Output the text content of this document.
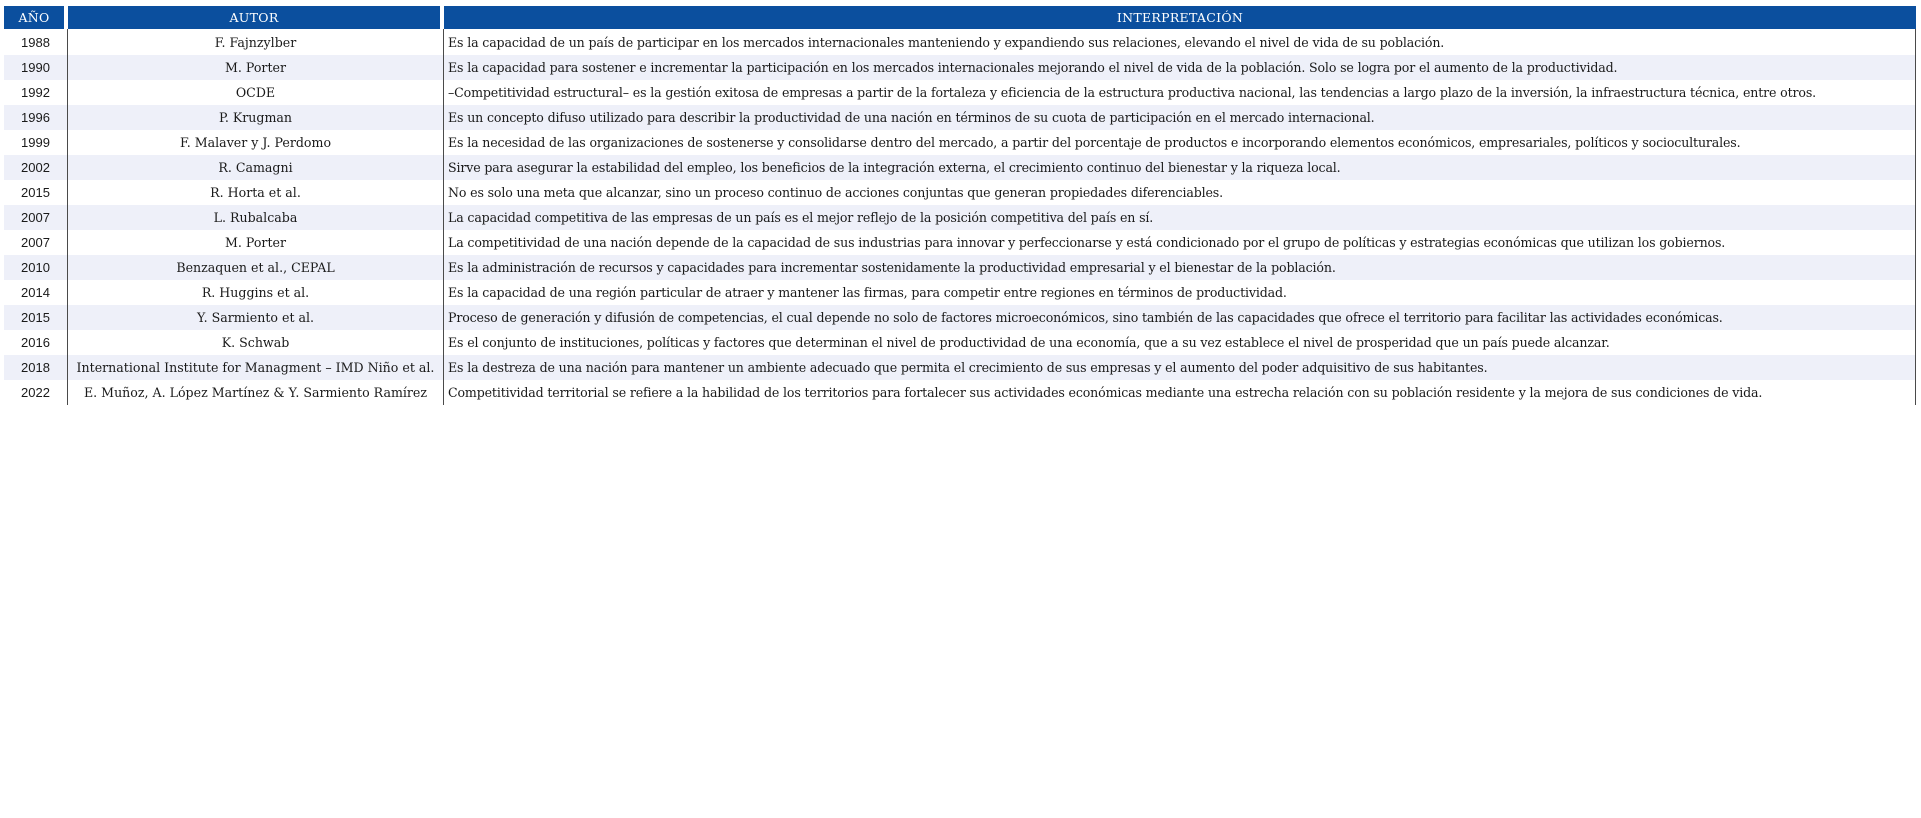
AÑO	AUTOR	INTERPRETACIÓN
1988	F. Fajnzylber	Es la capacidad de un país de participar en los mercados internacionales manteniendo y expandiendo sus relaciones, elevando el nivel de vida de su población.
1990	M. Porter	Es la capacidad para sostener e incrementar la participación en los mercados internacionales mejorando el nivel de vida de la población. Solo se logra por el aumento de la productividad.
1992	OCDE	–Competitividad estructural– es la gestión exitosa de empresas a partir de la fortaleza y eficiencia de la estructura productiva nacional, las tendencias a largo plazo de la inversión, la infraestructura técnica, entre otros.
1996	P. Krugman	Es un concepto difuso utilizado para describir la productividad de una nación en términos de su cuota de participación en el mercado internacional.
1999	F. Malaver y J. Perdomo	Es la necesidad de las organizaciones de sostenerse y consolidarse dentro del mercado, a partir del porcentaje de productos e incorporando elementos económicos, empresariales, políticos y socioculturales.
2002	R. Camagni	Sirve para asegurar la estabilidad del empleo, los beneficios de la integración externa, el crecimiento continuo del bienestar y la riqueza local.
2015	R. Horta et al.	No es solo una meta que alcanzar, sino un proceso continuo de acciones conjuntas que generan propiedades diferenciables.
2007	L. Rubalcaba	La capacidad competitiva de las empresas de un país es el mejor reflejo de la posición competitiva del país en sí.
2007	M. Porter	La competitividad de una nación depende de la capacidad de sus industrias para innovar y perfeccionarse y está condicionado por el grupo de políticas y estrategias económicas que utilizan los gobiernos.
2010	Benzaquen et al., CEPAL	Es la administración de recursos y capacidades para incrementar sostenidamente la productividad empresarial y el bienestar de la población.
2014	R. Huggins et al.	Es la capacidad de una región particular de atraer y mantener las firmas, para competir entre regiones en términos de productividad.
2015	Y. Sarmiento et al.	Proceso de generación y difusión de competencias, el cual depende no solo de factores microeconómicos, sino también de las capacidades que ofrece el territorio para facilitar las actividades económicas.
2016	K. Schwab	Es el conjunto de instituciones, políticas y factores que determinan el nivel de productividad de una economía, que a su vez establece el nivel de prosperidad que un país puede alcanzar.
2018	International Institute for Managment – IMD Niño et al.	Es la destreza de una nación para mantener un ambiente adecuado que permita el crecimiento de sus empresas y el aumento del poder adquisitivo de sus habitantes.
2022	E. Muñoz, A. López Martínez & Y. Sarmiento Ramírez	Competitividad territorial se refiere a la habilidad de los territorios para fortalecer sus actividades económicas mediante una estrecha relación con su población residente y la mejora de sus condiciones de vida.
